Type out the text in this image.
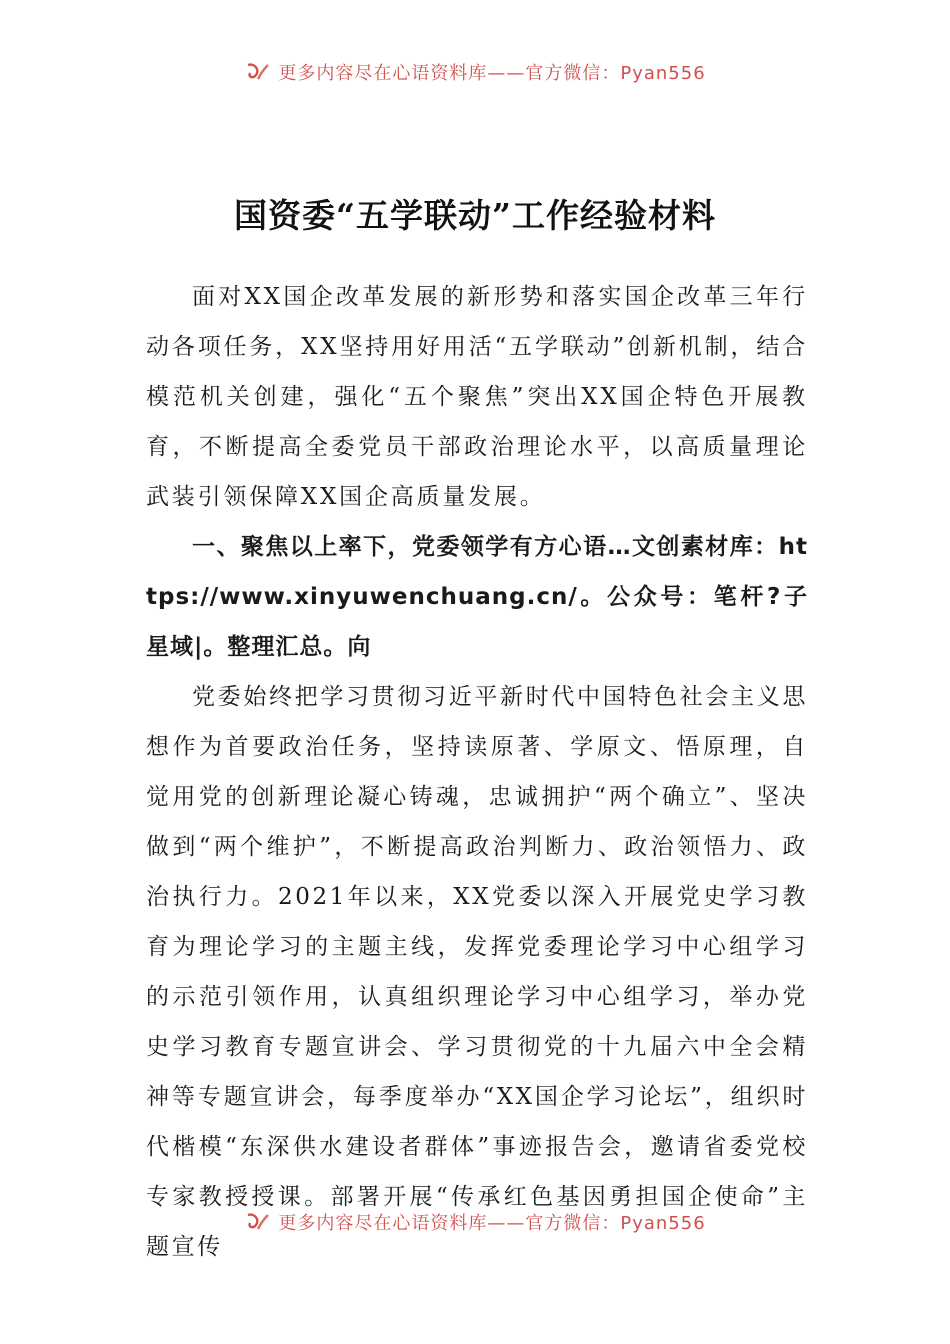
更多内容尽在心语资料库——官方微信：Pyan556
国资委“五学联动”工作经验材料

面对XX国企改革发展的新形势和落实国企改革三年行动各项任务，XX坚持用好用活“五学联动”创新机制，结合模范机关创建，强化“五个聚焦”突出XX国企特色开展教育，不断提高全委党员干部政治理论水平，以高质量理论武装引领保障XX国企高质量发展。

一、聚焦以上率下，党委领学有方心语…文创素材库：https://www.xinyuwenchuang.cn/。公众号：笔杆?子星域|。整理汇总。向

党委始终把学习贯彻习近平新时代中国特色社会主义思想作为首要政治任务，坚持读原著、学原文、悟原理，自觉用党的创新理论凝心铸魂，忠诚拥护“两个确立”、坚决做到“两个维护”，不断提高政治判断力、政治领悟力、政治执行力。2021年以来，XX党委以深入开展党史学习教育为理论学习的主题主线，发挥党委理论学习中心组学习的示范引领作用，认真组织理论学习中心组学习，举办党史学习教育专题宣讲会、学习贯彻党的十九届六中全会精神等专题宣讲会，每季度举办“XX国企学习论坛”，组织时代楷模“东深供水建设者群体”事迹报告会，邀请省委党校专家教授授课。部署开展“传承红色基因勇担国企使命”主题宣传

更多内容尽在心语资料库——官方微信：Pyan556
